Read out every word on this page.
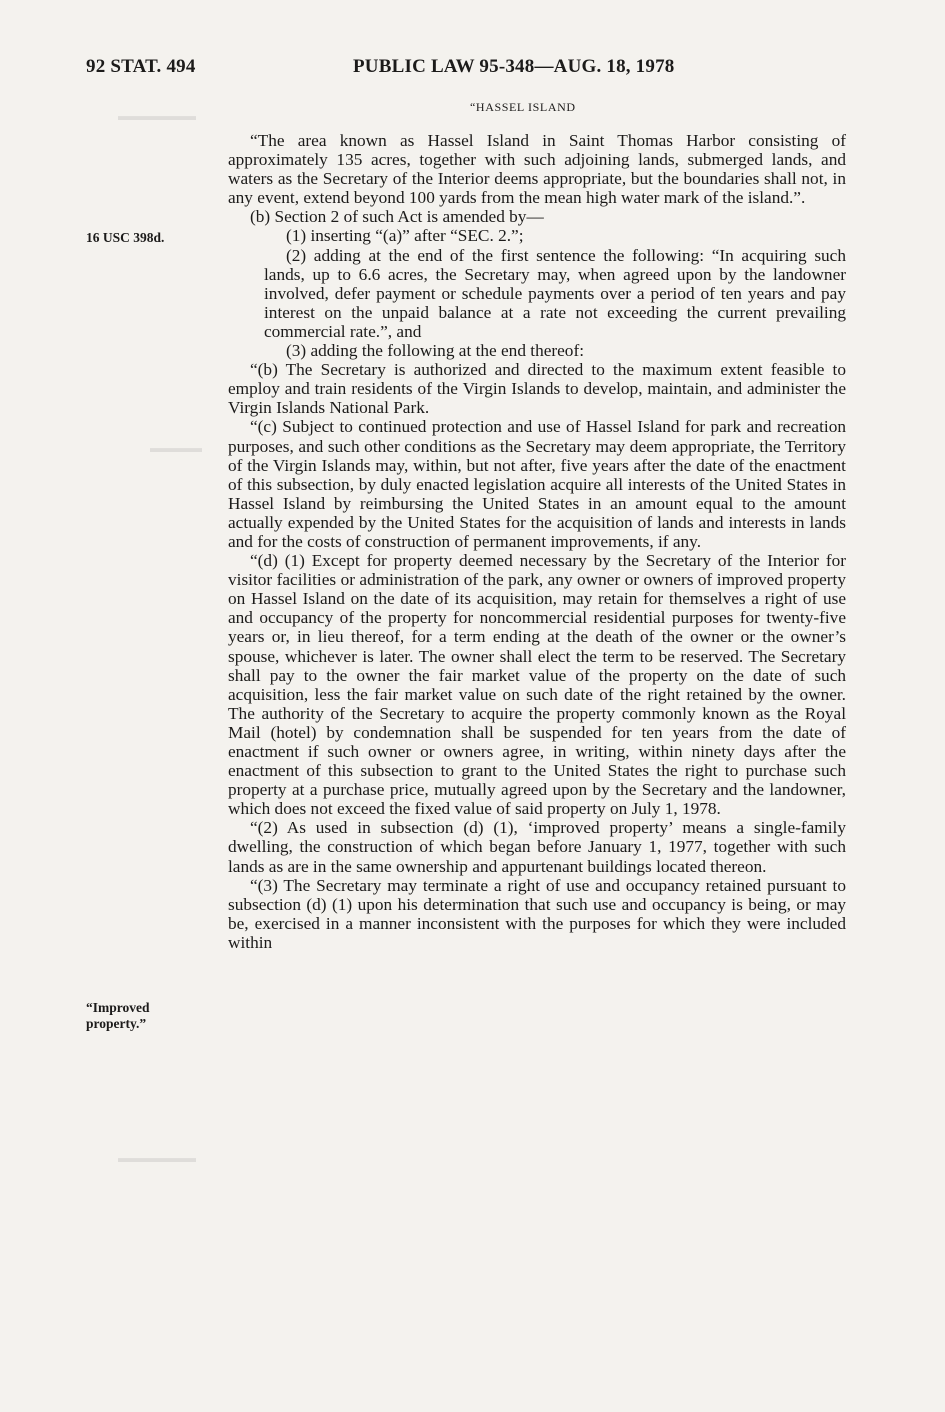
▬▬▬▬▬▬
▬▬▬▬
▬▬▬▬▬▬
92 STAT. 494	PUBLIC LAW 95-348—AUG. 18, 1978
“HASSEL ISLAND
16 USC 398d.
“Improved
property.”

“The area known as Hassel Island in Saint Thomas Harbor consisting of approximately 135 acres, together with such adjoining lands, submerged lands, and waters as the Secretary of the Interior deems appropriate, but the boundaries shall not, in any event, extend beyond 100 yards from the mean high water mark of the island.”.

(b) Section 2 of such Act is amended by—

(1) inserting “(a)” after “SEC. 2.”;

(2) adding at the end of the first sentence the following: “In acquiring such lands, up to 6.6 acres, the Secretary may, when agreed upon by the landowner involved, defer payment or schedule payments over a period of ten years and pay interest on the unpaid balance at a rate not exceeding the current prevailing commercial rate.”, and

(3) adding the following at the end thereof:

“(b) The Secretary is authorized and directed to the maximum extent feasible to employ and train residents of the Virgin Islands to develop, maintain, and administer the Virgin Islands National Park.

“(c) Subject to continued protection and use of Hassel Island for park and recreation purposes, and such other conditions as the Secretary may deem appropriate, the Territory of the Virgin Islands may, within, but not after, five years after the date of the enactment of this subsection, by duly enacted legislation acquire all interests of the United States in Hassel Island by reimbursing the United States in an amount equal to the amount actually expended by the United States for the acquisition of lands and interests in lands and for the costs of construction of permanent improvements, if any.

“(d) (1) Except for property deemed necessary by the Secretary of the Interior for visitor facilities or administration of the park, any owner or owners of improved property on Hassel Island on the date of its acquisition, may retain for themselves a right of use and occupancy of the property for noncommercial residential purposes for twenty-five years or, in lieu thereof, for a term ending at the death of the owner or the owner’s spouse, whichever is later. The owner shall elect the term to be reserved. The Secretary shall pay to the owner the fair market value of the property on the date of such acquisition, less the fair market value on such date of the right retained by the owner. The authority of the Secretary to acquire the property commonly known as the Royal Mail (hotel) by condemnation shall be suspended for ten years from the date of enactment if such owner or owners agree, in writing, within ninety days after the enactment of this subsection to grant to the United States the right to purchase such property at a purchase price, mutually agreed upon by the Secretary and the landowner, which does not exceed the fixed value of said property on July 1, 1978.

“(2) As used in subsection (d) (1), ‘improved property’ means a single-family dwelling, the construction of which began before January 1, 1977, together with such lands as are in the same ownership and appurtenant buildings located thereon.

“(3) The Secretary may terminate a right of use and occupancy retained pursuant to subsection (d) (1) upon his determination that such use and occupancy is being, or may be, exercised in a manner inconsistent with the purposes for which they were included within
